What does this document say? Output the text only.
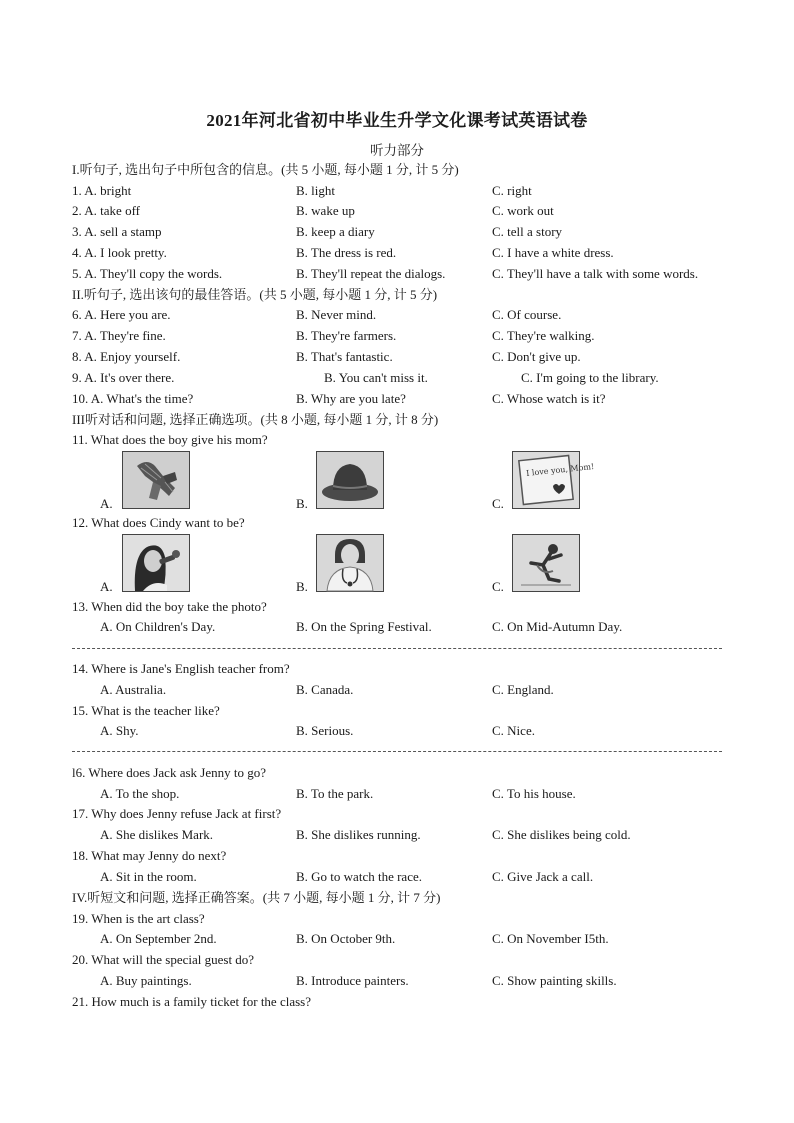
2021年河北省初中毕业生升学文化课考试英语试卷
听力部分
I.听句子, 选出句子中所包含的信息。(共 5 小题, 每小题 1 分, 计 5 分)
1. A. bright	B. light	C. right
2. A. take off	B. wake up	C. work out
3. A. sell a stamp	B. keep a diary	C. tell a story
4. A. I look pretty.	B. The dress is red.	C. I have a white dress.
5. A. They'll copy the words.	B. They'll repeat the dialogs.	C. They'll have a talk with some words.
II.听句子, 选出该句的最佳答语。(共 5 小题, 每小题 1 分, 计 5 分)
6. A. Here you are.	B. Never mind.	C. Of course.
7. A. They're fine.	B. They're farmers.	C. They're walking.
8. A. Enjoy yourself.	B. That's fantastic.	C. Don't give up.
9. A. It's over there.	B. You can't miss it.	C. I'm going to the library.
10. A. What's the time?	B. Why are you late?	C. Whose watch is it?
III听对话和问题, 选择正确选项。(共 8 小题, 每小题 1 分, 计 8 分)
11. What does the boy give his mom?
A.	B.	C.
I love you, Mom!
12. What does Cindy want to be?
A.	B.	C.
13. When did the boy take the photo?
A. On Children's Day.	B. On the Spring Festival.	C. On Mid-Autumn Day.
14. Where is Jane's English teacher from?
A. Australia.	B. Canada.	C. England.
15. What is the teacher like?
A. Shy.	B. Serious.	C. Nice.
l6. Where does Jack ask Jenny to go?
A. To the shop.	B. To the park.	C. To his house.
17. Why does Jenny refuse Jack at first?
A. She dislikes Mark.	B. She dislikes running.	C. She dislikes being cold.
18. What may Jenny do next?
A. Sit in the room.	B. Go to watch the race.	C. Give Jack a call.
IV.听短文和问题, 选择正确答案。(共 7 小题, 每小题 1 分, 计 7 分)
19. When is the art class?
A. On September 2nd.	B. On October 9th.	C. On November I5th.
20. What will the special guest do?
A. Buy paintings.	B. Introduce painters.	C. Show painting skills.
21. How much is a family ticket for the class?
